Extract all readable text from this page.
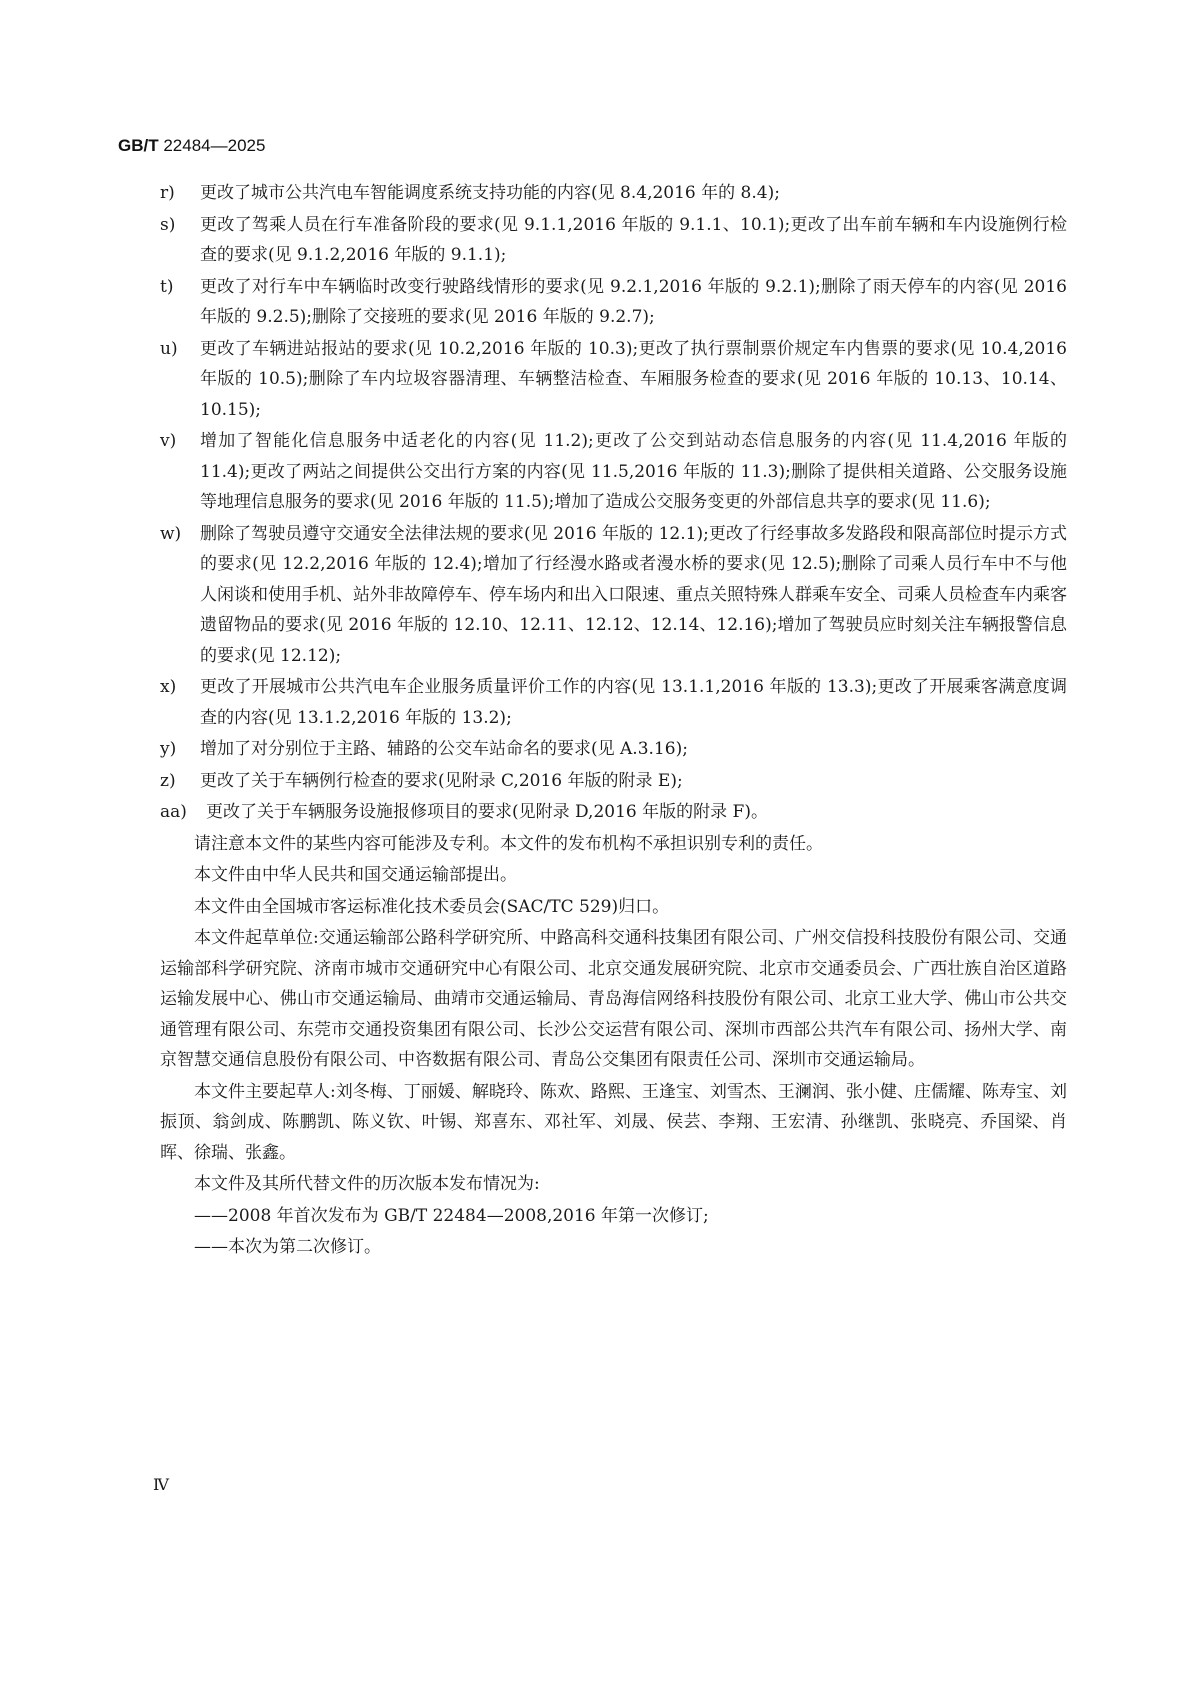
GB/T 22484—2025
r) 更改了城市公共汽电车智能调度系统支持功能的内容(见 8.4,2016 年的 8.4);
s) 更改了驾乘人员在行车准备阶段的要求(见 9.1.1,2016 年版的 9.1.1、10.1);更改了出车前车辆和车内设施例行检查的要求(见 9.1.2,2016 年版的 9.1.1);
t) 更改了对行车中车辆临时改变行驶路线情形的要求(见 9.2.1,2016 年版的 9.2.1);删除了雨天停车的内容(见 2016 年版的 9.2.5);删除了交接班的要求(见 2016 年版的 9.2.7);
u) 更改了车辆进站报站的要求(见 10.2,2016 年版的 10.3);更改了执行票制票价规定车内售票的要求(见 10.4,2016 年版的 10.5);删除了车内垃圾容器清理、车辆整洁检查、车厢服务检查的要求(见 2016 年版的 10.13、10.14、10.15);
v) 增加了智能化信息服务中适老化的内容(见 11.2);更改了公交到站动态信息服务的内容(见 11.4,2016 年版的 11.4);更改了两站之间提供公交出行方案的内容(见 11.5,2016 年版的 11.3);删除了提供相关道路、公交服务设施等地理信息服务的要求(见 2016 年版的 11.5);增加了造成公交服务变更的外部信息共享的要求(见 11.6);
w) 删除了驾驶员遵守交通安全法律法规的要求(见 2016 年版的 12.1);更改了行经事故多发路段和限高部位时提示方式的要求(见 12.2,2016 年版的 12.4);增加了行经漫水路或者漫水桥的要求(见 12.5);删除了司乘人员行车中不与他人闲谈和使用手机、站外非故障停车、停车场内和出入口限速、重点关照特殊人群乘车安全、司乘人员检查车内乘客遗留物品的要求(见 2016 年版的 12.10、12.11、12.12、12.14、12.16);增加了驾驶员应时刻关注车辆报警信息的要求(见 12.12);
x) 更改了开展城市公共汽电车企业服务质量评价工作的内容(见 13.1.1,2016 年版的 13.3);更改了开展乘客满意度调查的内容(见 13.1.2,2016 年版的 13.2);
y) 增加了对分别位于主路、辅路的公交车站命名的要求(见 A.3.16);
z) 更改了关于车辆例行检查的要求(见附录 C,2016 年版的附录 E);
aa) 更改了关于车辆服务设施报修项目的要求(见附录 D,2016 年版的附录 F)。
请注意本文件的某些内容可能涉及专利。本文件的发布机构不承担识别专利的责任。
本文件由中华人民共和国交通运输部提出。
本文件由全国城市客运标准化技术委员会(SAC/TC 529)归口。
本文件起草单位:交通运输部公路科学研究所、中路高科交通科技集团有限公司、广州交信投科技股份有限公司、交通运输部科学研究院、济南市城市交通研究中心有限公司、北京交通发展研究院、北京市交通委员会、广西壮族自治区道路运输发展中心、佛山市交通运输局、曲靖市交通运输局、青岛海信网络科技股份有限公司、北京工业大学、佛山市公共交通管理有限公司、东莞市交通投资集团有限公司、长沙公交运营有限公司、深圳市西部公共汽车有限公司、扬州大学、南京智慧交通信息股份有限公司、中咨数据有限公司、青岛公交集团有限责任公司、深圳市交通运输局。
本文件主要起草人:刘冬梅、丁丽媛、解晓玲、陈欢、路熙、王逢宝、刘雪杰、王澜润、张小健、庄儒耀、陈寿宝、刘振顶、翁剑成、陈鹏凯、陈义钦、叶锡、郑喜东、邓社军、刘晟、侯芸、李翔、王宏清、孙继凯、张晓亮、乔国梁、肖晖、徐瑞、张鑫。
本文件及其所代替文件的历次版本发布情况为:
——2008 年首次发布为 GB/T 22484—2008,2016 年第一次修订;
——本次为第二次修订。
Ⅳ
